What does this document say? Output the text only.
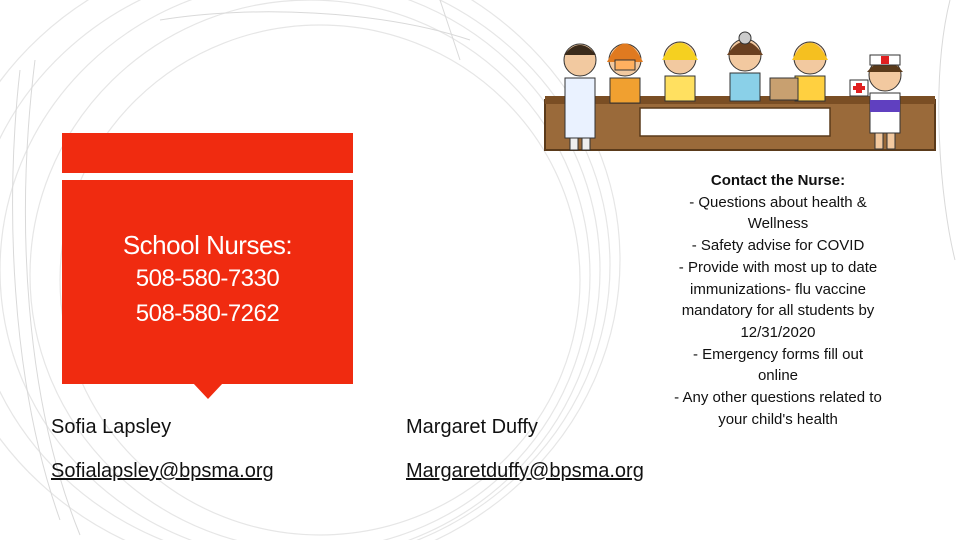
School Nurses:
508-580-7330
508-580-7262
Sofia Lapsley	Margaret Duffy
Sofialapsley@bpsma.org	Margaretduffy@bpsma.org
Contact the Nurse:
- Questions about health &
Wellness
- Safety advise for COVID
- Provide with most up to date
immunizations- flu vaccine
mandatory for all students by
12/31/2020
- Emergency forms fill out
online
- Any other questions related to
your child's health
